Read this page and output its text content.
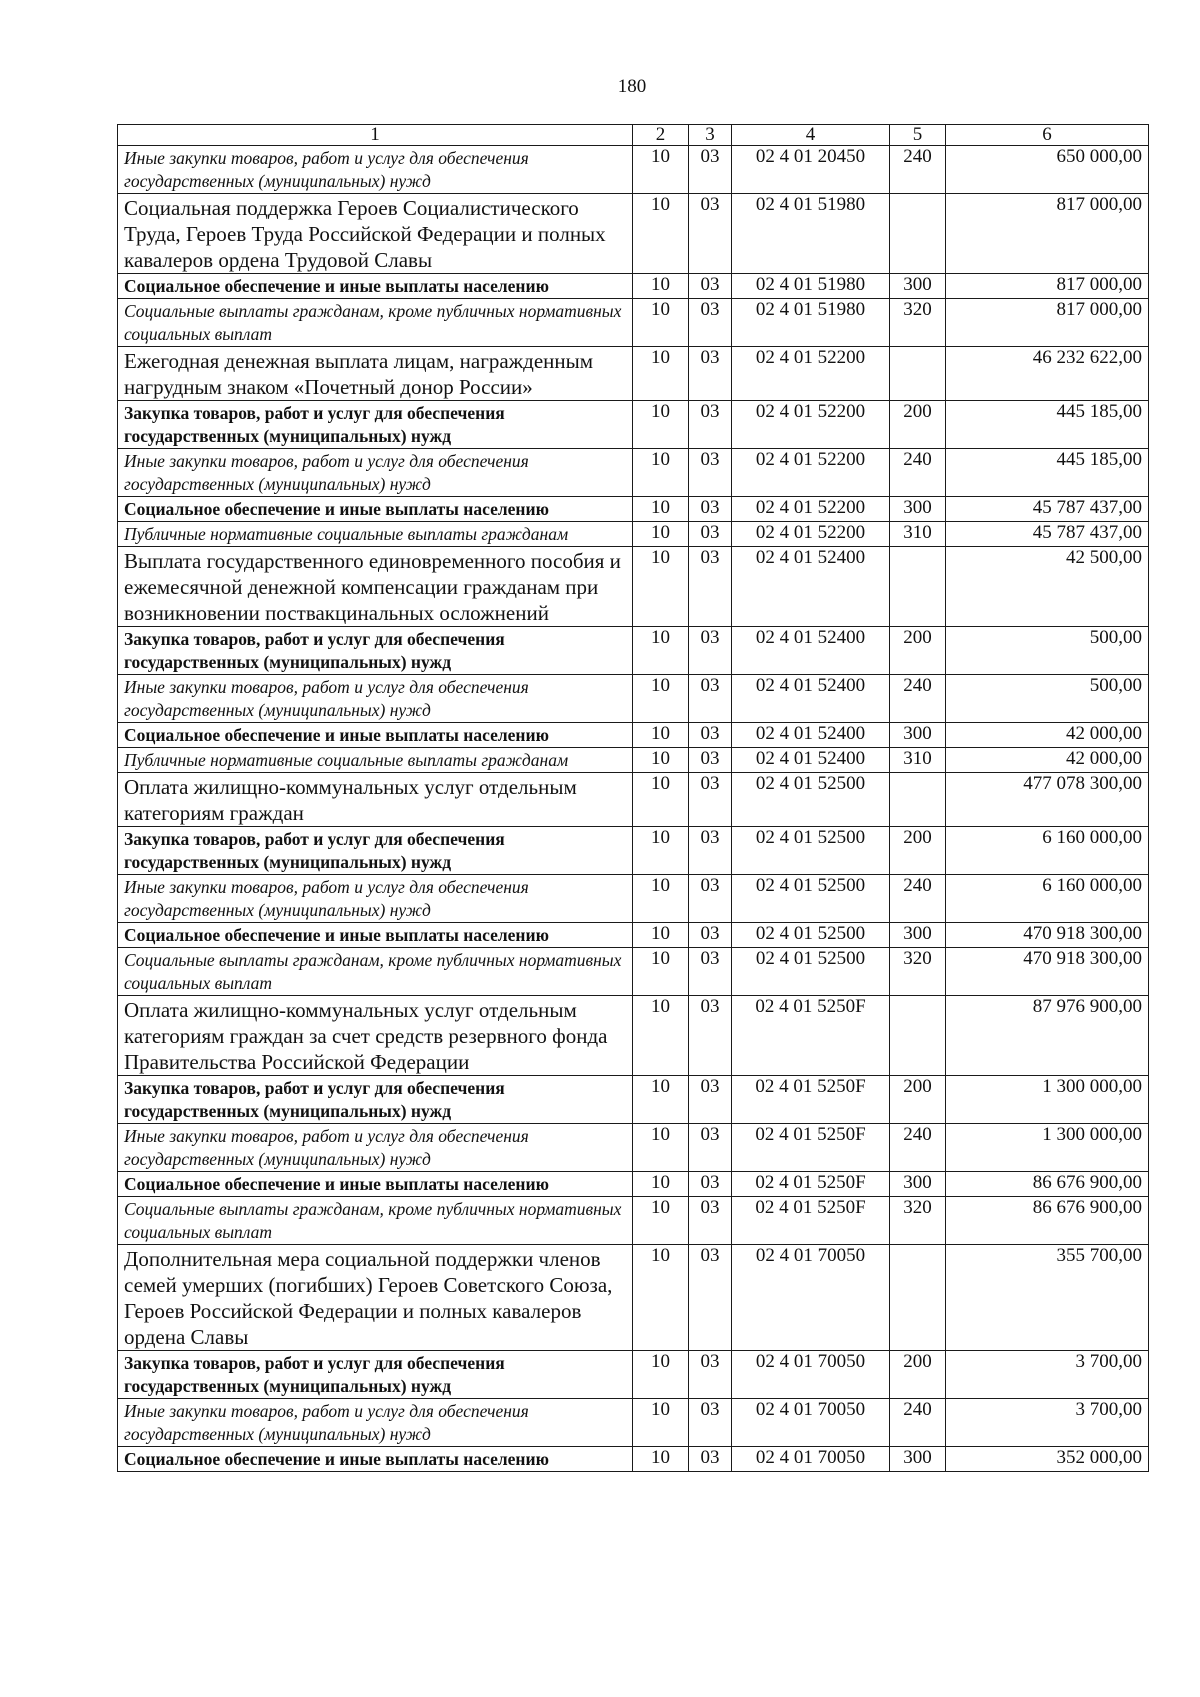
180
1	2	3	4	5	6
Иные закупки товаров, работ и услуг для обеспечения государственных (муниципальных) нужд	10	03	02 4 01 20450	240	650 000,00
Социальная поддержка Героев Социалистического Труда, Героев Труда Российской Федерации и полных кавалеров ордена Трудовой Славы	10	03	02 4 01 51980		817 000,00
Социальное обеспечение и иные выплаты населению	10	03	02 4 01 51980	300	817 000,00
Социальные выплаты гражданам, кроме публичных нормативных социальных выплат	10	03	02 4 01 51980	320	817 000,00
Ежегодная денежная выплата лицам, награжденным нагрудным знаком «Почетный донор России»	10	03	02 4 01 52200		46 232 622,00
Закупка товаров, работ и услуг для обеспечения государственных (муниципальных) нужд	10	03	02 4 01 52200	200	445 185,00
Иные закупки товаров, работ и услуг для обеспечения государственных (муниципальных) нужд	10	03	02 4 01 52200	240	445 185,00
Социальное обеспечение и иные выплаты населению	10	03	02 4 01 52200	300	45 787 437,00
Публичные нормативные социальные выплаты гражданам	10	03	02 4 01 52200	310	45 787 437,00
Выплата государственного единовременного пособия и ежемесячной денежной компенсации гражданам при возникновении поствакцинальных осложнений	10	03	02 4 01 52400		42 500,00
Закупка товаров, работ и услуг для обеспечения государственных (муниципальных) нужд	10	03	02 4 01 52400	200	500,00
Иные закупки товаров, работ и услуг для обеспечения государственных (муниципальных) нужд	10	03	02 4 01 52400	240	500,00
Социальное обеспечение и иные выплаты населению	10	03	02 4 01 52400	300	42 000,00
Публичные нормативные социальные выплаты гражданам	10	03	02 4 01 52400	310	42 000,00
Оплата жилищно-коммунальных услуг отдельным категориям граждан	10	03	02 4 01 52500		477 078 300,00
Закупка товаров, работ и услуг для обеспечения государственных (муниципальных) нужд	10	03	02 4 01 52500	200	6 160 000,00
Иные закупки товаров, работ и услуг для обеспечения государственных (муниципальных) нужд	10	03	02 4 01 52500	240	6 160 000,00
Социальное обеспечение и иные выплаты населению	10	03	02 4 01 52500	300	470 918 300,00
Социальные выплаты гражданам, кроме публичных нормативных социальных выплат	10	03	02 4 01 52500	320	470 918 300,00
Оплата жилищно-коммунальных услуг отдельным категориям граждан за счет средств резервного фонда Правительства Российской Федерации	10	03	02 4 01 5250F		87 976 900,00
Закупка товаров, работ и услуг для обеспечения государственных (муниципальных) нужд	10	03	02 4 01 5250F	200	1 300 000,00
Иные закупки товаров, работ и услуг для обеспечения государственных (муниципальных) нужд	10	03	02 4 01 5250F	240	1 300 000,00
Социальное обеспечение и иные выплаты населению	10	03	02 4 01 5250F	300	86 676 900,00
Социальные выплаты гражданам, кроме публичных нормативных социальных выплат	10	03	02 4 01 5250F	320	86 676 900,00
Дополнительная мера социальной поддержки членов семей умерших (погибших) Героев Советского Союза, Героев Российской Федерации и полных кавалеров ордена Славы	10	03	02 4 01 70050		355 700,00
Закупка товаров, работ и услуг для обеспечения государственных (муниципальных) нужд	10	03	02 4 01 70050	200	3 700,00
Иные закупки товаров, работ и услуг для обеспечения государственных (муниципальных) нужд	10	03	02 4 01 70050	240	3 700,00
Социальное обеспечение и иные выплаты населению	10	03	02 4 01 70050	300	352 000,00
